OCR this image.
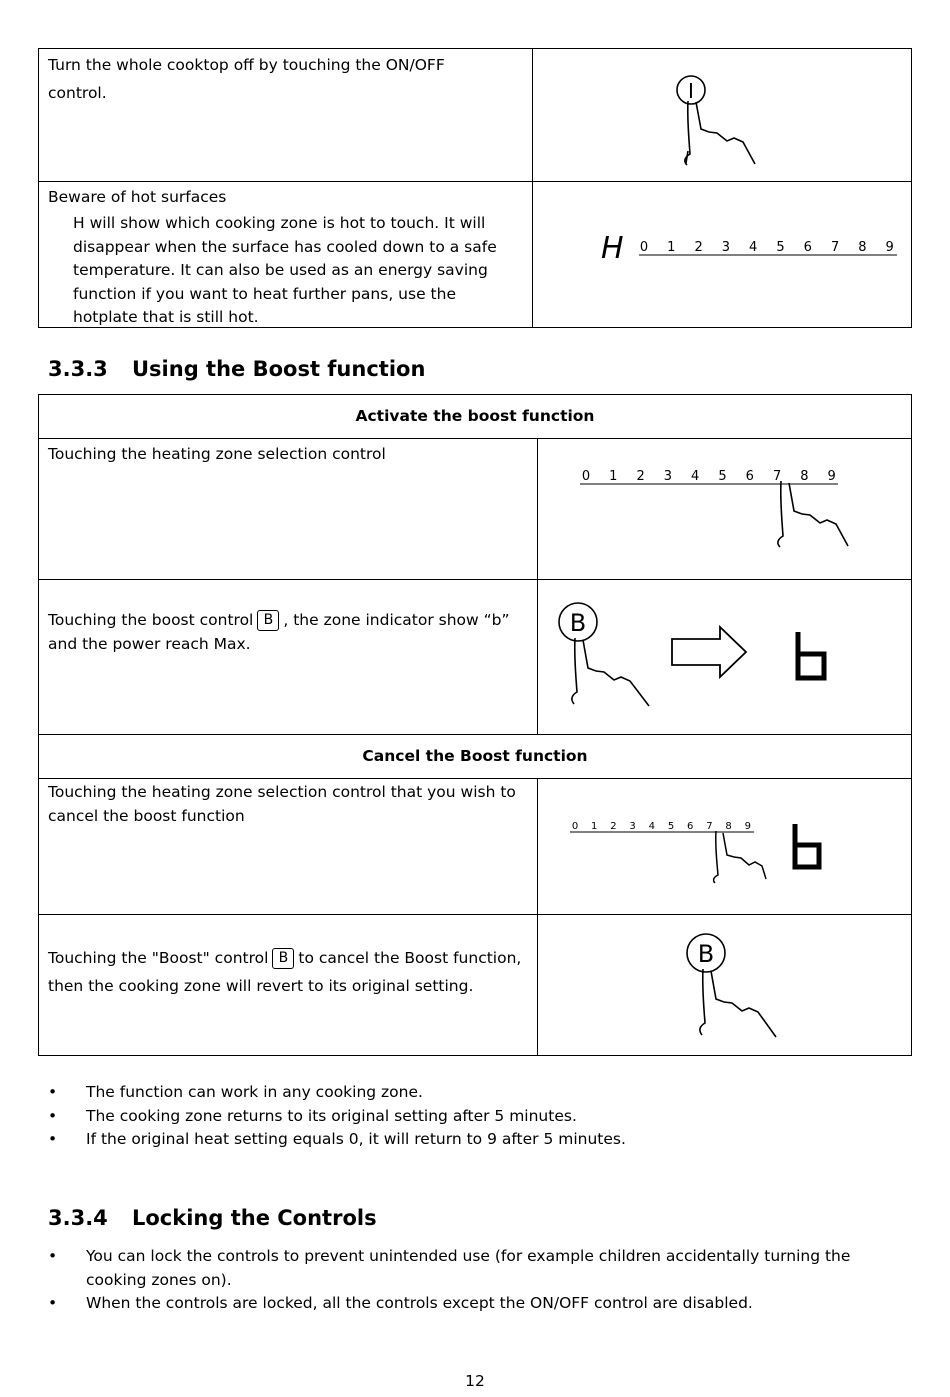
Turn the whole cooktop off by touching the ON/OFF control.	I
Beware of hot surfaces
H will show which cooking zone is hot to touch. It will disappear when the surface has cooled down to a safe temperature. It can also be used as an energy saving function if you want to heat further pans, use the hotplate that is still hot.
H 0 1 2 3 4 5 6 7 8 9
3.3.3 Using the Boost function
Activate the boost function
Touching the heating zone selection control
0 1 2 3 4 5 6 7 8 9
Touching the boost control B , the zone indicator show “b” and the power reach Max.
B
Cancel the Boost function
Touching the heating zone selection control that you wish to cancel the boost function
0 1 2 3 4 5 6 7 8 9
Touching the "Boost" control B to cancel the Boost function, then the cooking zone will revert to its original setting.
B
• The function can work in any cooking zone.
• The cooking zone returns to its original setting after 5 minutes.
• If the original heat setting equals 0, it will return to 9 after 5 minutes.
3.3.4 Locking the Controls
• You can lock the controls to prevent unintended use (for example children accidentally turning the cooking zones on).
• When the controls are locked, all the controls except the ON/OFF control are disabled.
12
